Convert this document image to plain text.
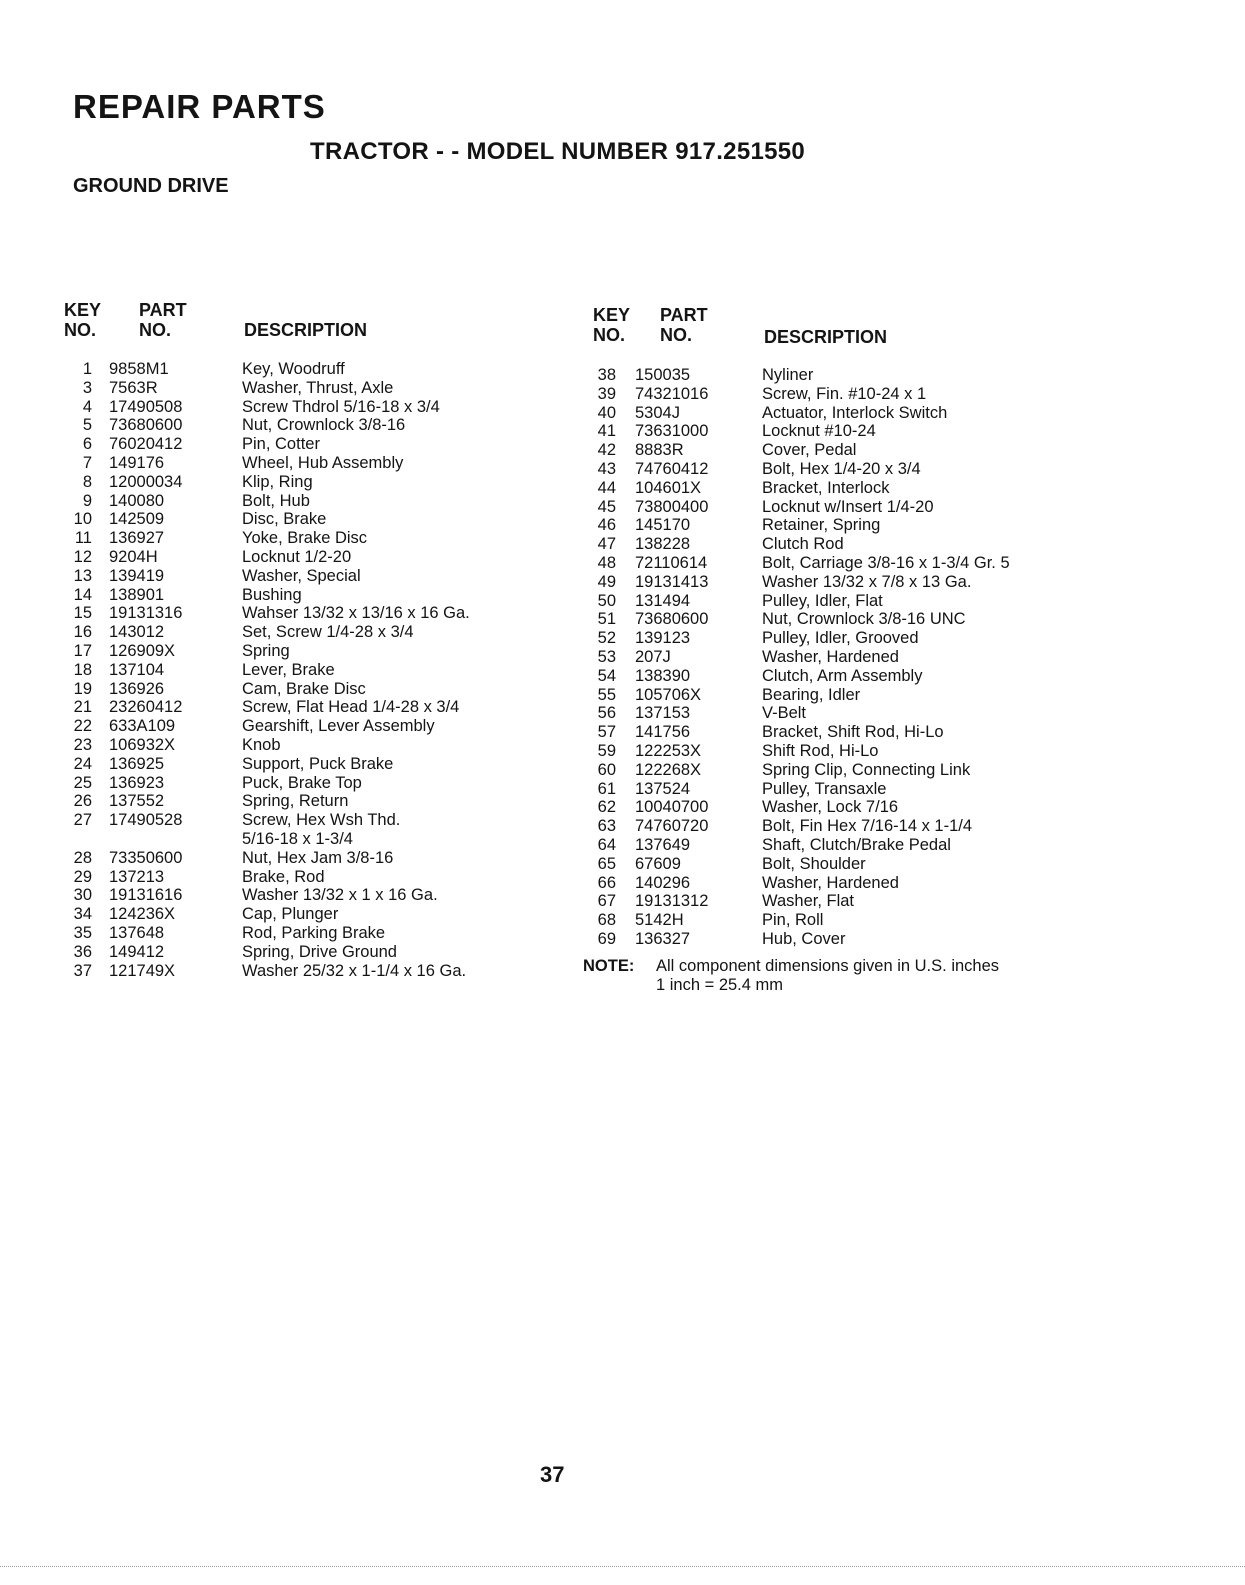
REPAIR PARTS
TRACTOR - - MODEL NUMBER 917.251550
GROUND DRIVE
KEY
NO.
PART
NO.	DESCRIPTION
1 9858M1	Key, Woodruff
3 7563R	Washer, Thrust, Axle
4 17490508	Screw Thdrol 5/16-18 x 3/4
5 73680600	Nut, Crownlock 3/8-16
6 76020412	Pin, Cotter
7 149176	Wheel, Hub Assembly
8 12000034	Klip, Ring
9 140080	Bolt, Hub
10 142509	Disc, Brake
11 136927	Yoke, Brake Disc
12 9204H	Locknut 1/2-20
13 139419	Washer, Special
14 138901	Bushing
15 19131316	Wahser 13/32 x 13/16 x 16 Ga.
16 143012	Set, Screw 1/4-28 x 3/4
17 126909X	Spring
18 137104	Lever, Brake
19 136926	Cam, Brake Disc
21 23260412	Screw, Flat Head 1/4-28 x 3/4
22 633A109	Gearshift, Lever Assembly
23 106932X	Knob
24 136925	Support, Puck Brake
25 136923	Puck, Brake Top
26 137552	Spring, Return
27 17490528	Screw, Hex Wsh Thd.
5/16-18 x 1-3/4
28 73350600	Nut, Hex Jam 3/8-16
29 137213	Brake, Rod
30 19131616	Washer 13/32 x 1 x 16 Ga.
34 124236X	Cap, Plunger
35 137648	Rod, Parking Brake
36 149412	Spring, Drive Ground
37 121749X	Washer 25/32 x 1-1/4 x 16 Ga.
KEY
NO.
PART
NO.	DESCRIPTION
38 150035	Nyliner
39 74321016	Screw, Fin. #10-24 x 1
40 5304J	Actuator, Interlock Switch
41 73631000	Locknut #10-24
42 8883R	Cover, Pedal
43 74760412	Bolt, Hex 1/4-20 x 3/4
44 104601X	Bracket, Interlock
45 73800400	Locknut w/Insert 1/4-20
46 145170	Retainer, Spring
47 138228	Clutch Rod
48 72110614	Bolt, Carriage 3/8-16 x 1-3/4 Gr. 5
49 19131413	Washer 13/32 x 7/8 x 13 Ga.
50 131494	Pulley, Idler, Flat
51 73680600	Nut, Crownlock 3/8-16 UNC
52 139123	Pulley, Idler, Grooved
53 207J	Washer, Hardened
54 138390	Clutch, Arm Assembly
55 105706X	Bearing, Idler
56 137153	V-Belt
57 141756	Bracket, Shift Rod, Hi-Lo
59 122253X	Shift Rod, Hi-Lo
60 122268X	Spring Clip, Connecting Link
61 137524	Pulley, Transaxle
62 10040700	Washer, Lock 7/16
63 74760720	Bolt, Fin Hex 7/16-14 x 1-1/4
64 137649	Shaft, Clutch/Brake Pedal
65 67609	Bolt, Shoulder
66 140296	Washer, Hardened
67 19131312	Washer, Flat
68 5142H	Pin, Roll
69 136327	Hub, Cover
NOTE: All component dimensions given in U.S. inches
1 inch = 25.4 mm
37
